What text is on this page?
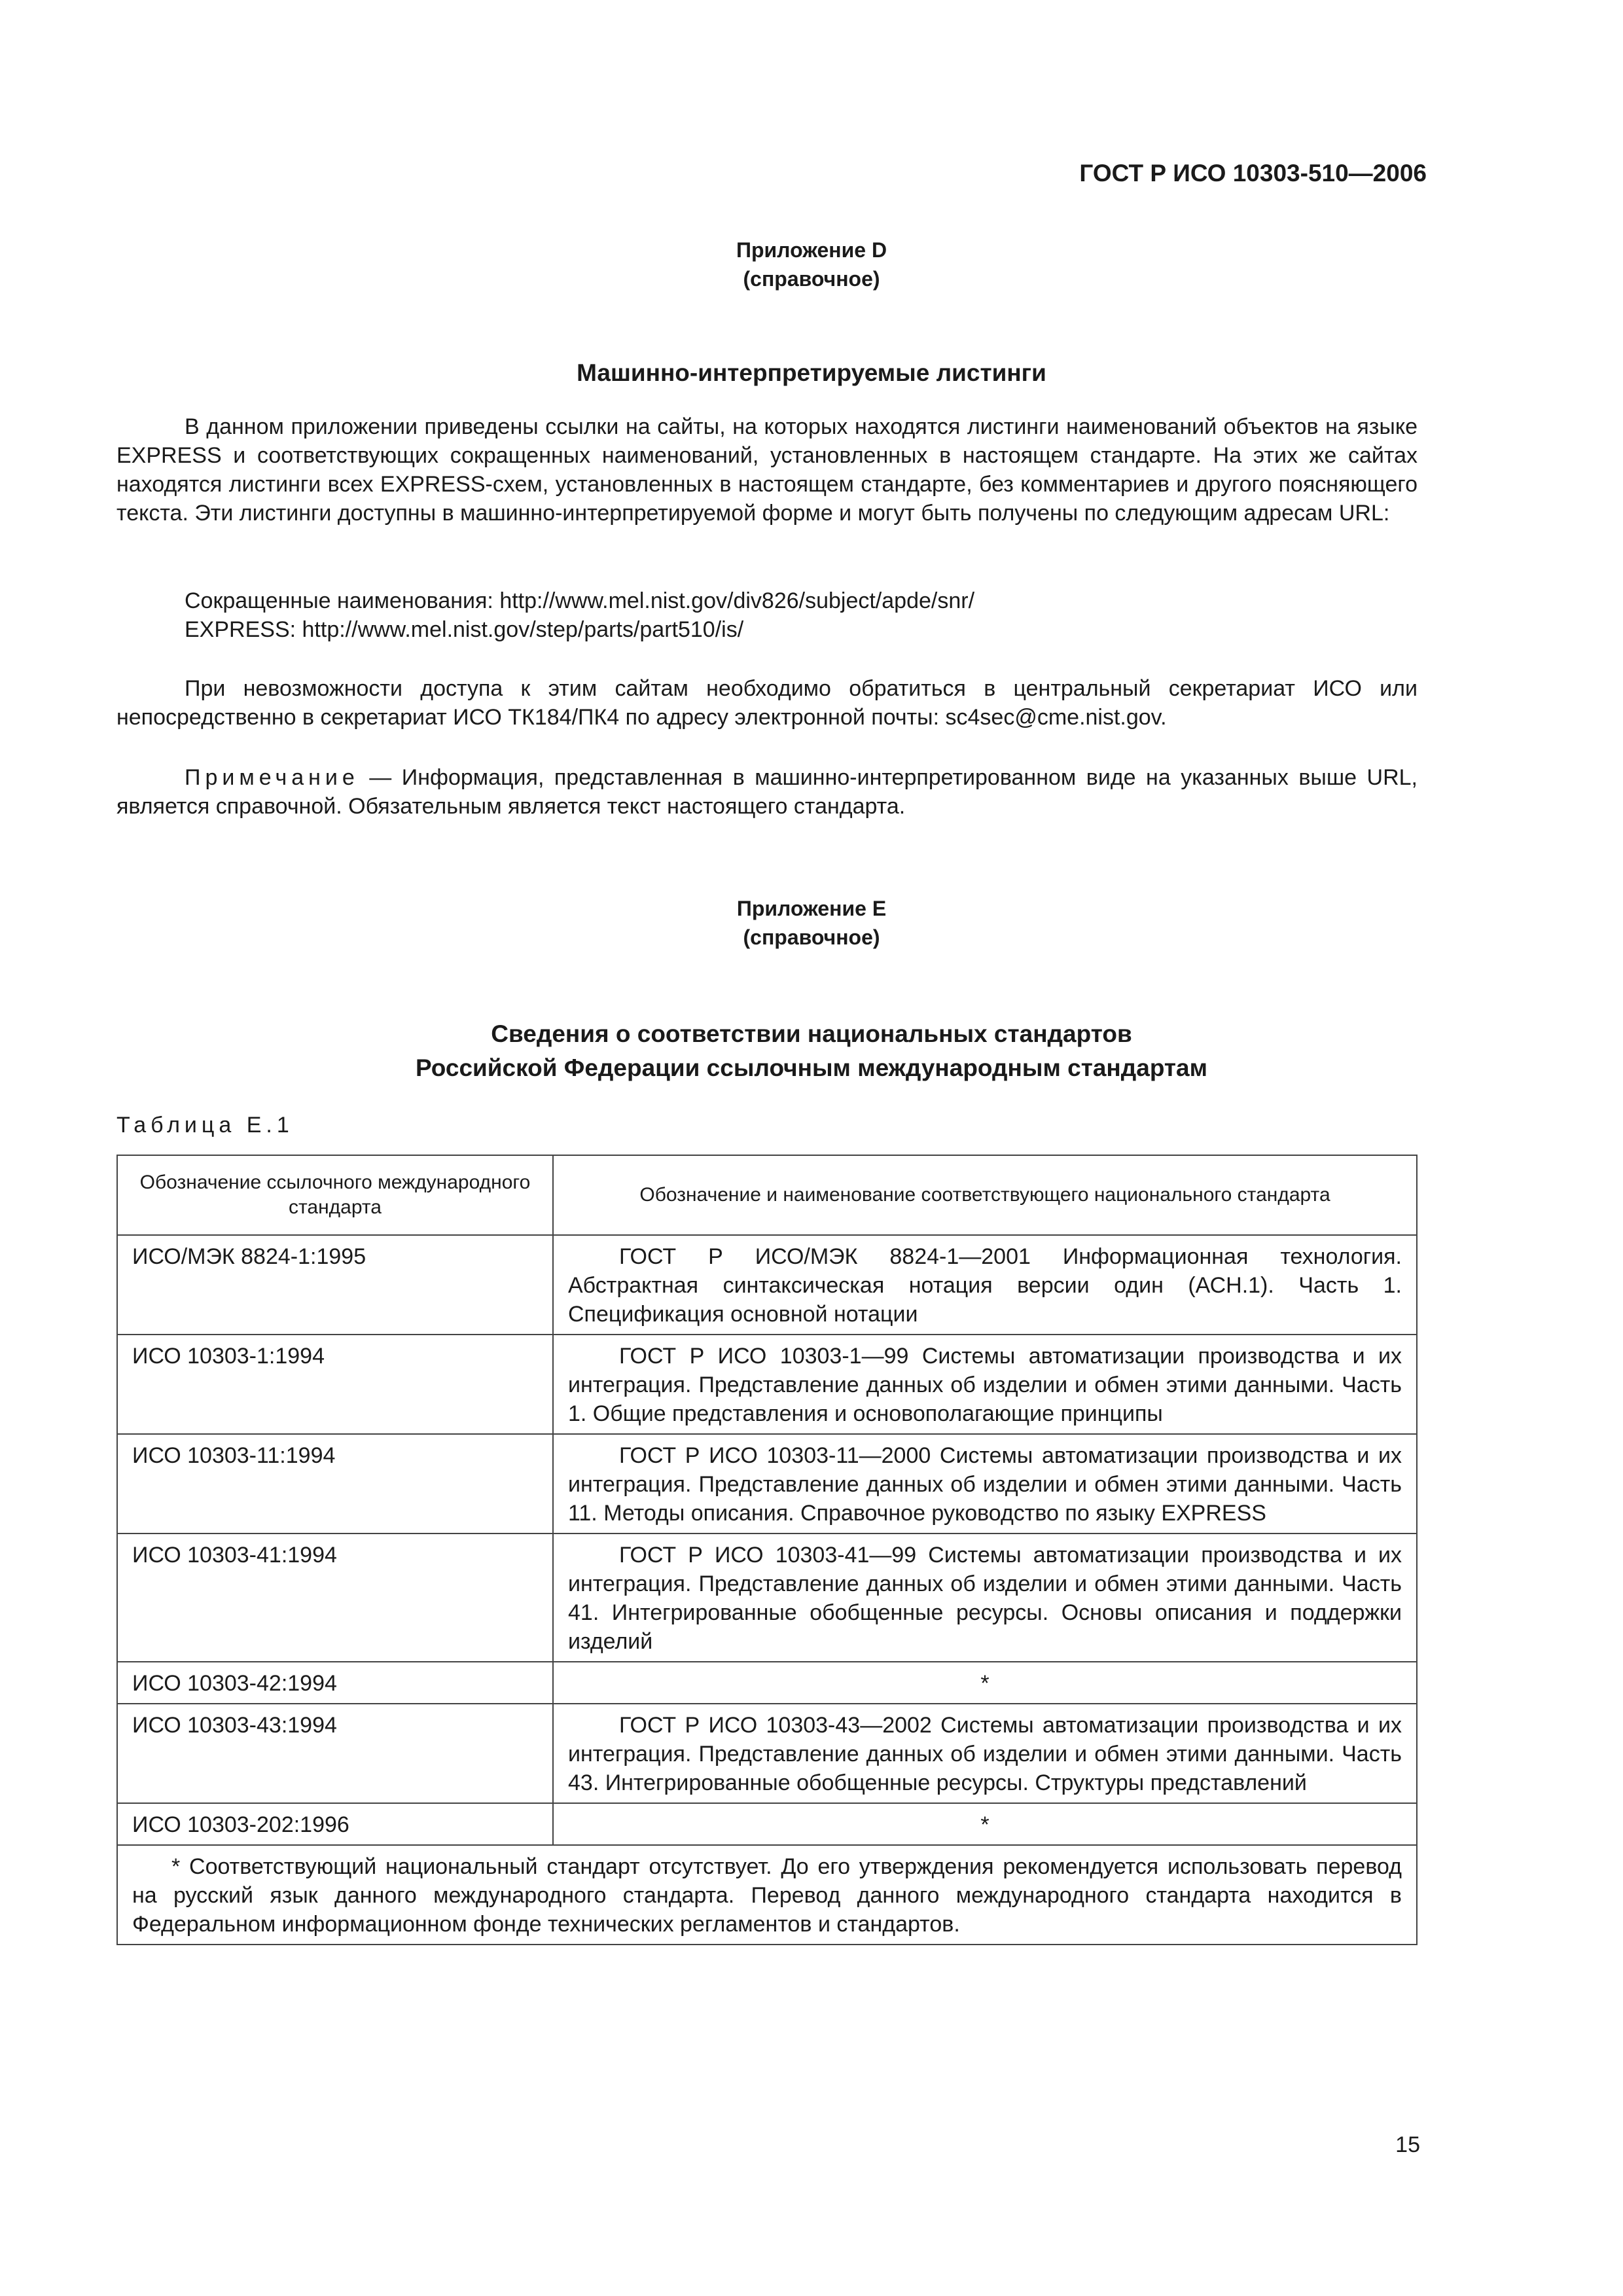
ГОСТ Р ИСО 10303-510—2006
Приложение D
(справочное)
Машинно-интерпретируемые листинги

В данном приложении приведены ссылки на сайты, на которых находятся листинги наименований объектов на языке EXPRESS и соответствующих сокращенных наименований, установленных в настоящем стандарте. На этих же сайтах находятся листинги всех EXPRESS-схем, установленных в настоящем стандарте, без комментариев и другого поясняющего текста. Эти листинги доступны в машинно-интерпретируемой форме и могут быть получены по следующим адресам URL:

Сокращенные наименования: http://www.mel.nist.gov/div826/subject/apde/snr/
EXPRESS: http://www.mel.nist.gov/step/parts/part510/is/

При невозможности доступа к этим сайтам необходимо обратиться в центральный секретариат ИСО или непосредственно в секретариат ИСО ТК184/ПК4 по адресу электронной почты: sc4sec@cme.nist.gov.

Примечание — Информация, представленная в машинно-интерпретированном виде на указанных выше URL, является справочной. Обязательным является текст настоящего стандарта.

Приложение Е
(справочное)
Сведения о соответствии национальных стандартов
Российской Федерации ссылочным международным стандартам
Таблица Е.1
Обозначение ссылочного международного стандарта	Обозначение и наименование соответствующего национального стандарта
ИСО/МЭК 8824-1:1995	ГОСТ Р ИСО/МЭК 8824-1—2001 Информационная технология. Абстрактная синтаксическая нотация версии один (АСН.1). Часть 1. Спецификация основной нотации
ИСО 10303-1:1994	ГОСТ Р ИСО 10303-1—99 Системы автоматизации производства и их интеграция. Представление данных об изделии и обмен этими данными. Часть 1. Общие представления и основополагающие принципы
ИСО 10303-11:1994	ГОСТ Р ИСО 10303-11—2000 Системы автоматизации производства и их интеграция. Представление данных об изделии и обмен этими данными. Часть 11. Методы описания. Справочное руководство по языку EXPRESS
ИСО 10303-41:1994	ГОСТ Р ИСО 10303-41—99 Системы автоматизации производства и их интеграция. Представление данных об изделии и обмен этими данными. Часть 41. Интегрированные обобщенные ресурсы. Основы описания и поддержки изделий
ИСО 10303-42:1994	*
ИСО 10303-43:1994	ГОСТ Р ИСО 10303-43—2002 Системы автоматизации производства и их интеграция. Представление данных об изделии и обмен этими данными. Часть 43. Интегрированные обобщенные ресурсы. Структуры представлений
ИСО 10303-202:1996	*
* Соответствующий национальный стандарт отсутствует. До его утверждения рекомендуется использовать перевод на русский язык данного международного стандарта. Перевод данного международного стандарта находится в Федеральном информационном фонде технических регламентов и стандартов.	
15
